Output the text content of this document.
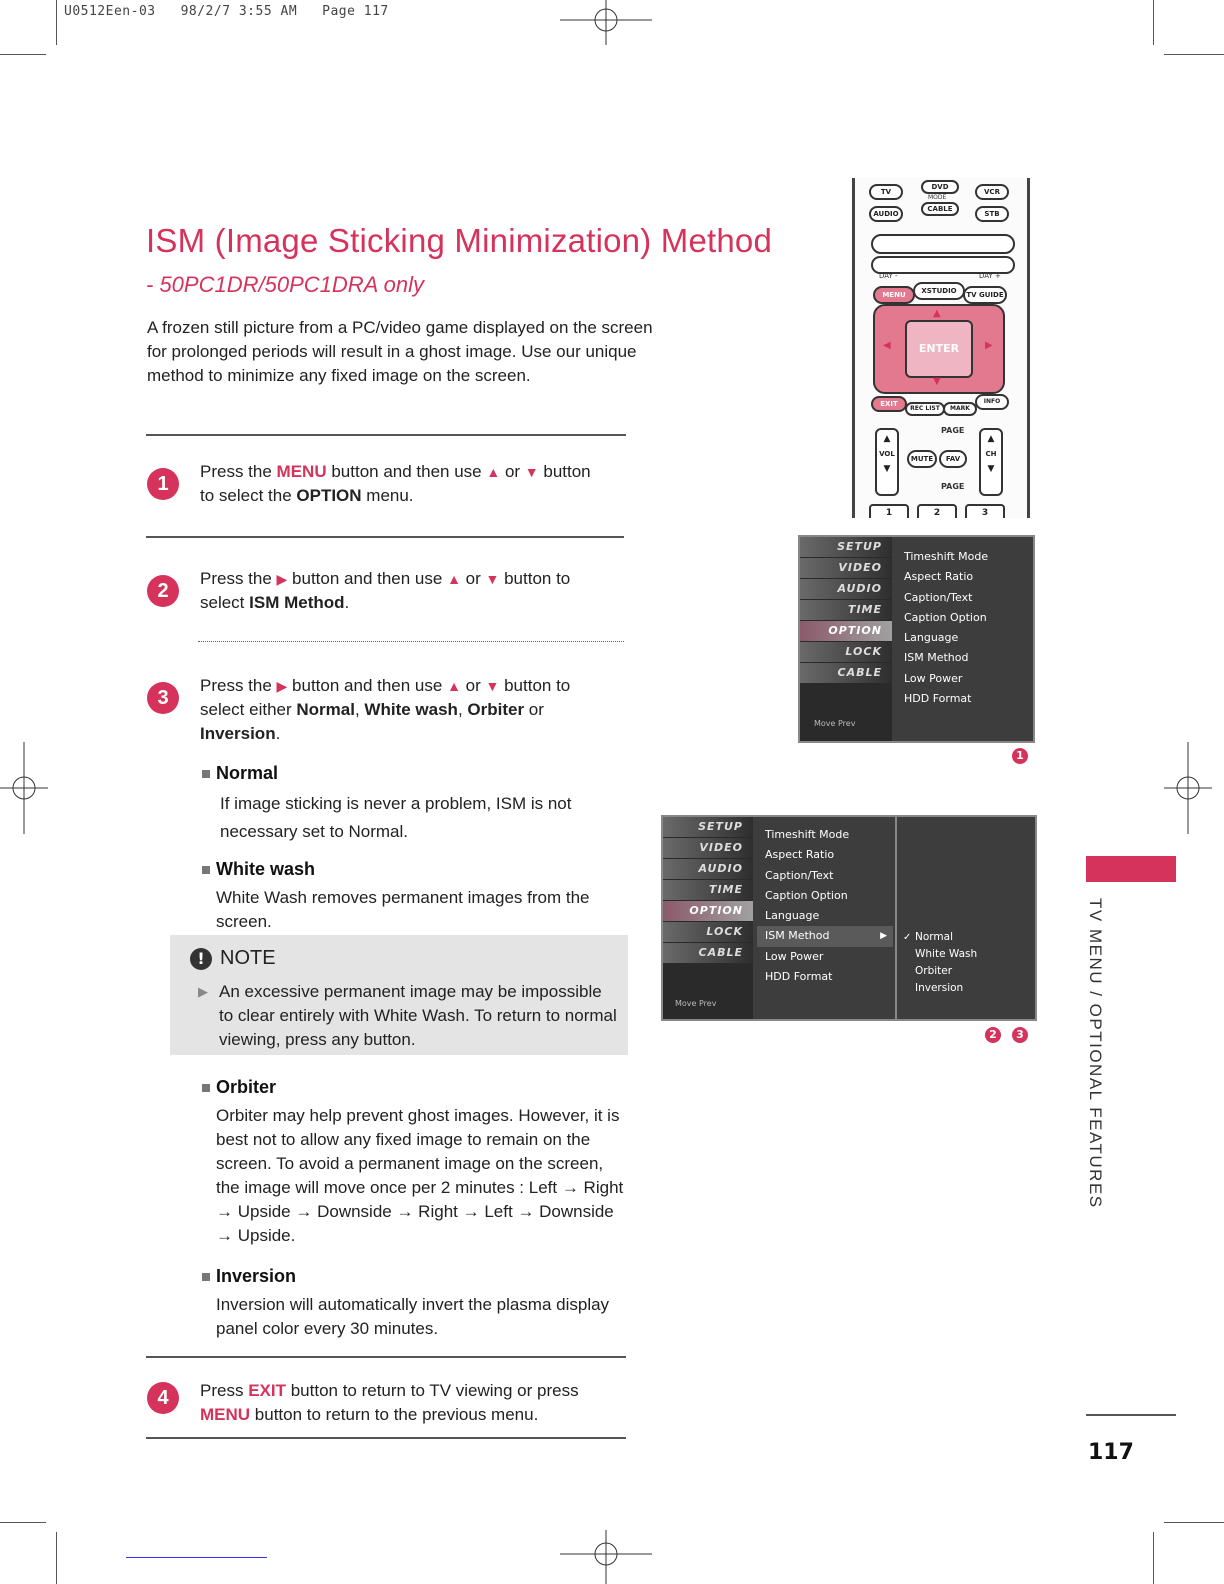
U0512Een-03   98/2/7 3:55 AM   Page 117
ISM (Image Sticking Minimization) Method
- 50PC1DR/50PC1DRA only
A frozen still picture from a PC/video game displayed on the screen for prolonged periods will result in a ghost image. Use our unique method to minimize any fixed image on the screen.
1
Press the MENU button and then use ▲ or ▼ button
to select the OPTION menu.
2
Press the ▶ button and then use ▲ or ▼ button to
select ISM Method.
3
Press the ▶ button and then use ▲ or ▼ button to
select either Normal, White wash, Orbiter or
Inversion.
Normal
If image sticking is never a problem, ISM is not necessary set to Normal.
White wash
White Wash removes permanent images from the screen.
! NOTE
▶ An excessive permanent image may be impossible to clear entirely with White Wash. To return to normal viewing, press any button.
Orbiter
Orbiter may help prevent ghost images. However, it is best not to allow any fixed image to remain on the screen. To avoid a permanent image on the screen, the image will move once per 2 minutes : Left → Right → Upside → Downside → Right → Left → Downside → Upside.
Inversion
Inversion will automatically invert the plasma display panel color every 30 minutes.
4	Press EXIT button to return to TV viewing or press
MENU button to return to the previous menu.
TV MENU / OPTIONAL FEATURES
117
TV
DVD
VCR
MODE
AUDIO
CABLE
STB
DAY -	DAY +
MENU	XSTUDIO	TV GUIDE
ENTER
▲
▼
◀	▶
EXIT
REC LIST	MARK
INFO
PAGE
▲
VOL
▼
MUTE	FAV
▲
CH
▼
PAGE
1	2	3
SETUP
VIDEO
AUDIO
TIME
OPTION
LOCK
CABLE
Move Prev
Timeshift Mode
Aspect Ratio
Caption/Text
Caption Option
Language
ISM Method
Low Power
HDD Format
1
SETUP
VIDEO
AUDIO
TIME
OPTION
LOCK
CABLE
Move Prev
Timeshift Mode
Aspect Ratio
Caption/Text
Caption Option
Language
ISM Method	▶
Low Power
HDD Format
✓ Normal
White Wash
Orbiter
Inversion
2	3
